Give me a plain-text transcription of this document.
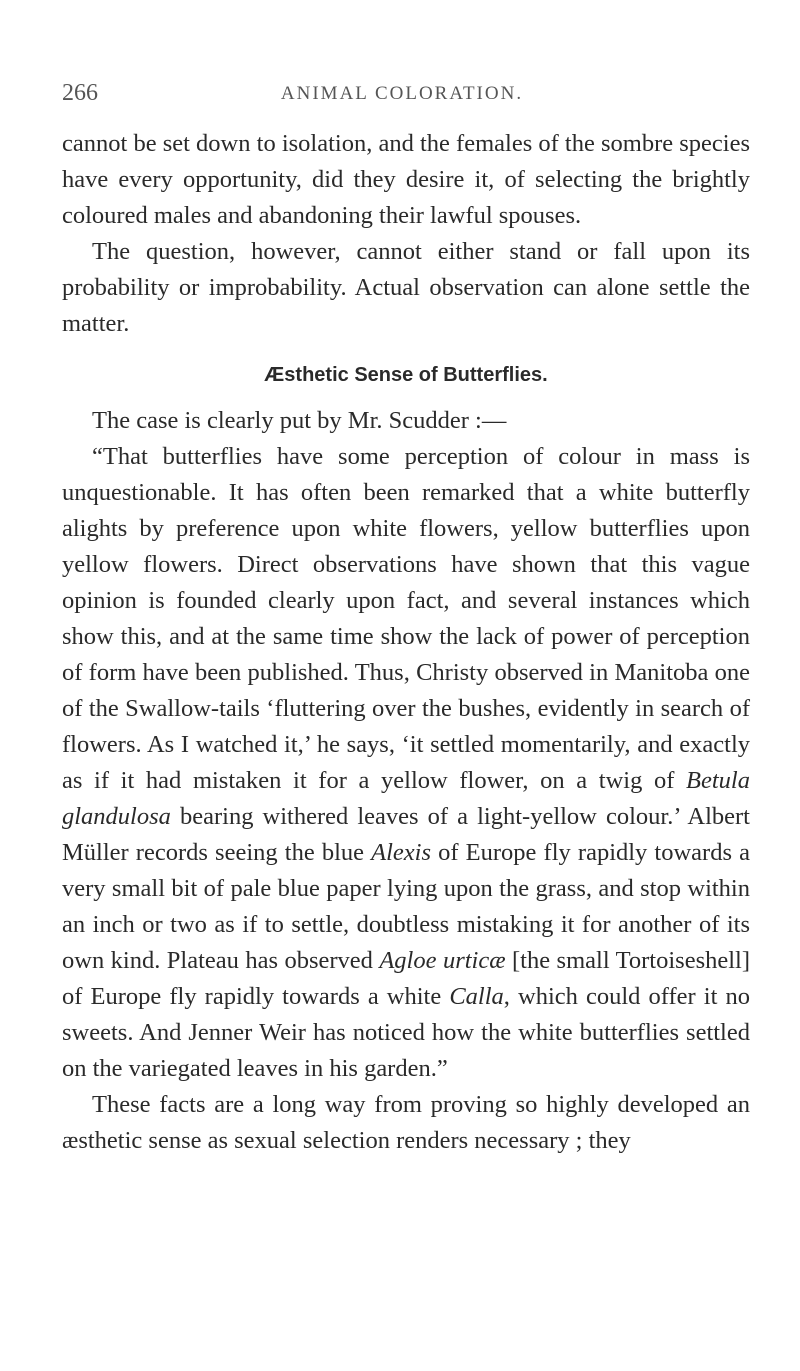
266	ANIMAL COLORATION.

cannot be set down to isolation, and the females of the sombre species have every opportunity, did they desire it, of selecting the brightly coloured males and abandoning their lawful spouses.

The question, however, cannot either stand or fall upon its probability or improbability. Actual observation can alone settle the matter.

Æsthetic Sense of Butterflies.

The case is clearly put by Mr. Scudder :—

“That butterflies have some perception of colour in mass is unquestionable. It has often been remarked that a white butterfly alights by preference upon white flowers, yellow butterflies upon yellow flowers. Direct observations have shown that this vague opinion is founded clearly upon fact, and several instances which show this, and at the same time show the lack of power of perception of form have been published. Thus, Christy observed in Manitoba one of the Swallow-tails ‘fluttering over the bushes, evidently in search of flowers. As I watched it,’ he says, ‘it settled momentarily, and exactly as if it had mistaken it for a yellow flower, on a twig of Betula glandulosa bearing withered leaves of a light-yellow colour.’ Albert Müller records seeing the blue Alexis of Europe fly rapidly towards a very small bit of pale blue paper lying upon the grass, and stop within an inch or two as if to settle, doubtless mistaking it for another of its own kind. Plateau has observed Agloe urticæ [the small Tortoiseshell] of Europe fly rapidly towards a white Calla, which could offer it no sweets. And Jenner Weir has noticed how the white butterflies settled on the variegated leaves in his garden.”

These facts are a long way from proving so highly developed an æsthetic sense as sexual selection renders necessary ; they
